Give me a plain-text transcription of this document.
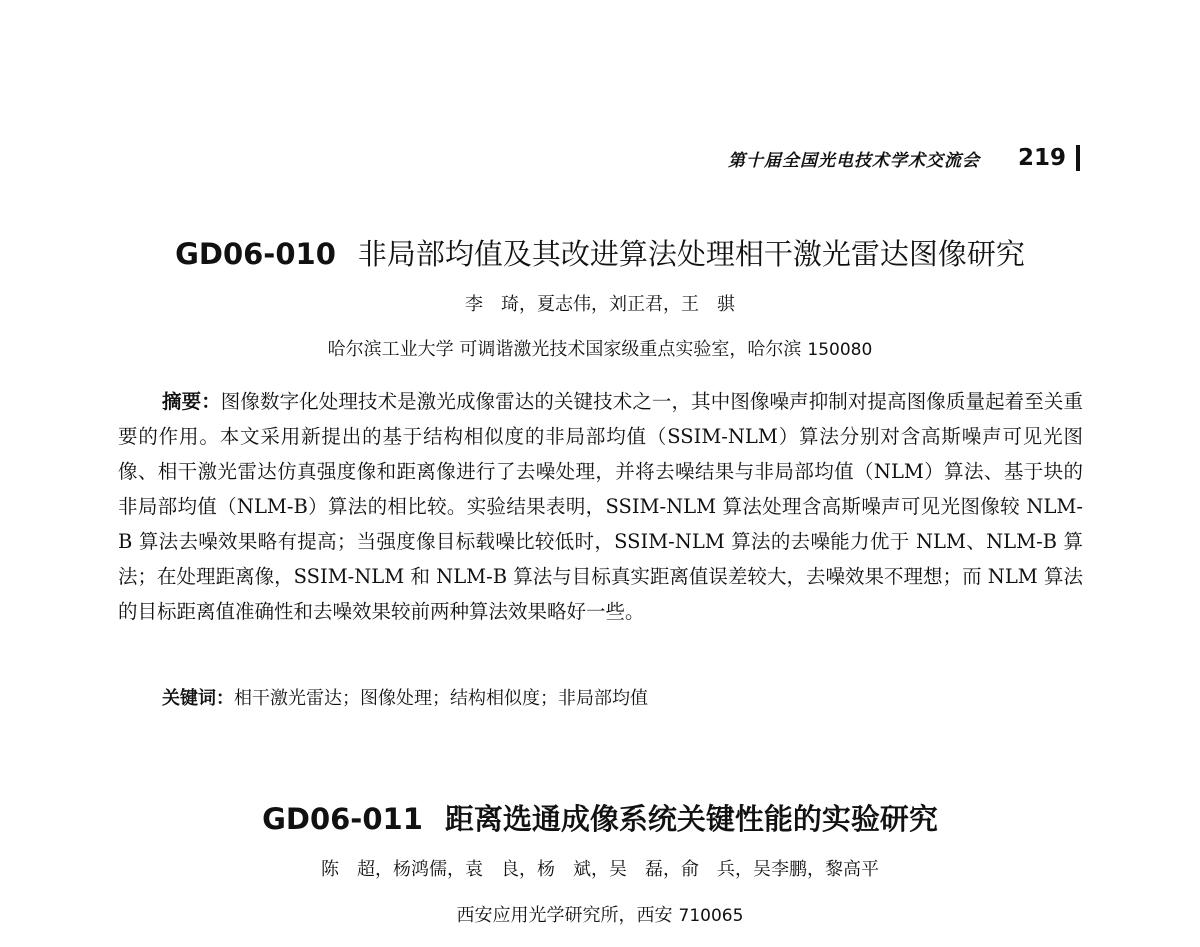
第十届全国光电技术学术交流会 219
GD06-010 非局部均值及其改进算法处理相干激光雷达图像研究
李　琦，夏志伟，刘正君，王　骐
哈尔滨工业大学 可调谐激光技术国家级重点实验室，哈尔滨 150080

摘要：图像数字化处理技术是激光成像雷达的关键技术之一，其中图像噪声抑制对提高图像质量起着至关重要的作用。本文采用新提出的基于结构相似度的非局部均值（SSIM-NLM）算法分别对含高斯噪声可见光图像、相干激光雷达仿真强度像和距离像进行了去噪处理，并将去噪结果与非局部均值（NLM）算法、基于块的非局部均值（NLM-B）算法的相比较。实验结果表明，SSIM-NLM 算法处理含高斯噪声可见光图像较 NLM-B 算法去噪效果略有提高；当强度像目标载噪比较低时，SSIM-NLM 算法的去噪能力优于 NLM、NLM-B 算法；在处理距离像，SSIM-NLM 和 NLM-B 算法与目标真实距离值误差较大，去噪效果不理想；而 NLM 算法的目标距离值准确性和去噪效果较前两种算法效果略好一些。

关键词：相干激光雷达；图像处理；结构相似度；非局部均值
GD06-011 距离选通成像系统关键性能的实验研究
陈　超，杨鸿儒，袁　良，杨　斌，吴　磊，俞　兵，吴李鹏，黎高平
西安应用光学研究所，西安 710065
